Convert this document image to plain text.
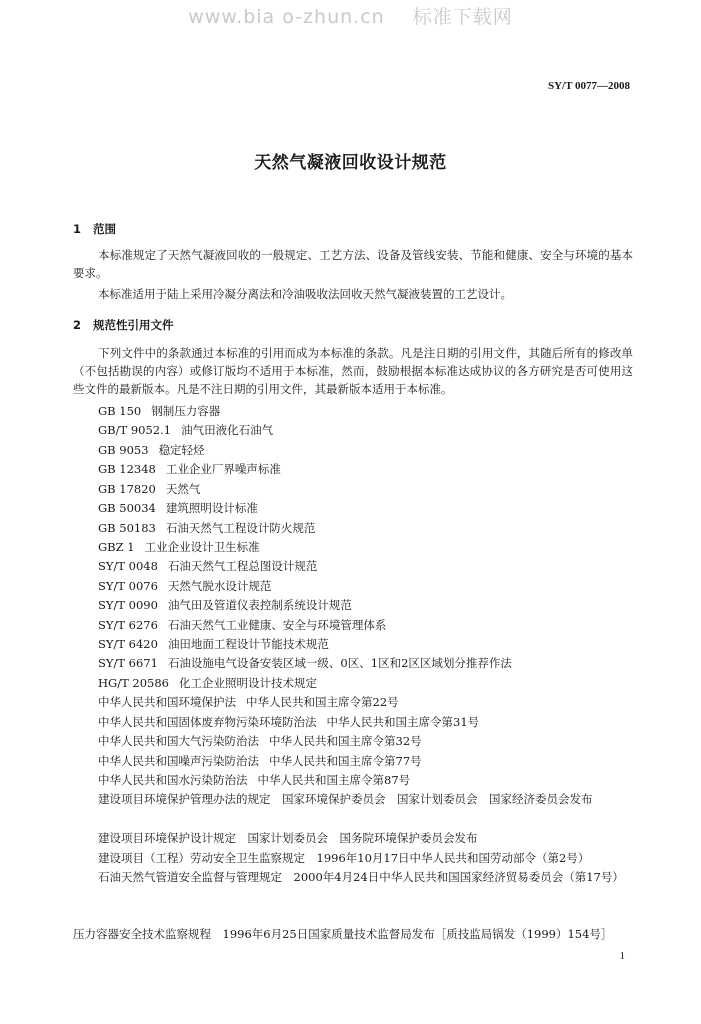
www.bia o-zhun.cn 标准下载网
SY/T 0077—2008
天然气凝液回收设计规范
1 范围

本标准规定了天然气凝液回收的一般规定、工艺方法、设备及管线安装、节能和健康、安全与环境的基本要求。

本标准适用于陆上采用冷凝分离法和冷油吸收法回收天然气凝液装置的工艺设计。

2 规范性引用文件

下列文件中的条款通过本标准的引用而成为本标准的条款。凡是注日期的引用文件，其随后所有的修改单（不包括勘误的内容）或修订版均不适用于本标准，然而，鼓励根据本标准达成协议的各方研究是否可使用这些文件的最新版本。凡是不注日期的引用文件，其最新版本适用于本标准。

GB 150 钢制压力容器
GB/T 9052.1 油气田液化石油气
GB 9053 稳定轻烃
GB 12348 工业企业厂界噪声标准
GB 17820 天然气
GB 50034 建筑照明设计标准
GB 50183 石油天然气工程设计防火规范
GBZ 1 工业企业设计卫生标准
SY/T 0048 石油天然气工程总图设计规范
SY/T 0076 天然气脱水设计规范
SY/T 0090 油气田及管道仪表控制系统设计规范
SY/T 6276 石油天然气工业健康、安全与环境管理体系
SY/T 6420 油田地面工程设计节能技术规范
SY/T 6671 石油设施电气设备安装区域一级、0区、1区和2区区域划分推荐作法
HG/T 20586 化工企业照明设计技术规定
中华人民共和国环境保护法 中华人民共和国主席令第22号
中华人民共和国固体废弃物污染环境防治法 中华人民共和国主席令第31号
中华人民共和国大气污染防治法 中华人民共和国主席令第32号
中华人民共和国噪声污染防治法 中华人民共和国主席令第77号
中华人民共和国水污染防治法 中华人民共和国主席令第87号

建设项目环境保护管理办法的规定　国家环境保护委员会　国家计划委员会　国家经济委员会发布

建设项目环境保护设计规定　国家计划委员会　国务院环境保护委员会发布

建设项目（工程）劳动安全卫生监察规定　1996年10月17日中华人民共和国劳动部令（第2号）

石油天然气管道安全监督与管理规定　2000年4月24日中华人民共和国国家经济贸易委员会（第17号）

压力容器安全技术监察规程　1996年6月25日国家质量技术监督局发布［质技监局锅发（1999）154号］

1
